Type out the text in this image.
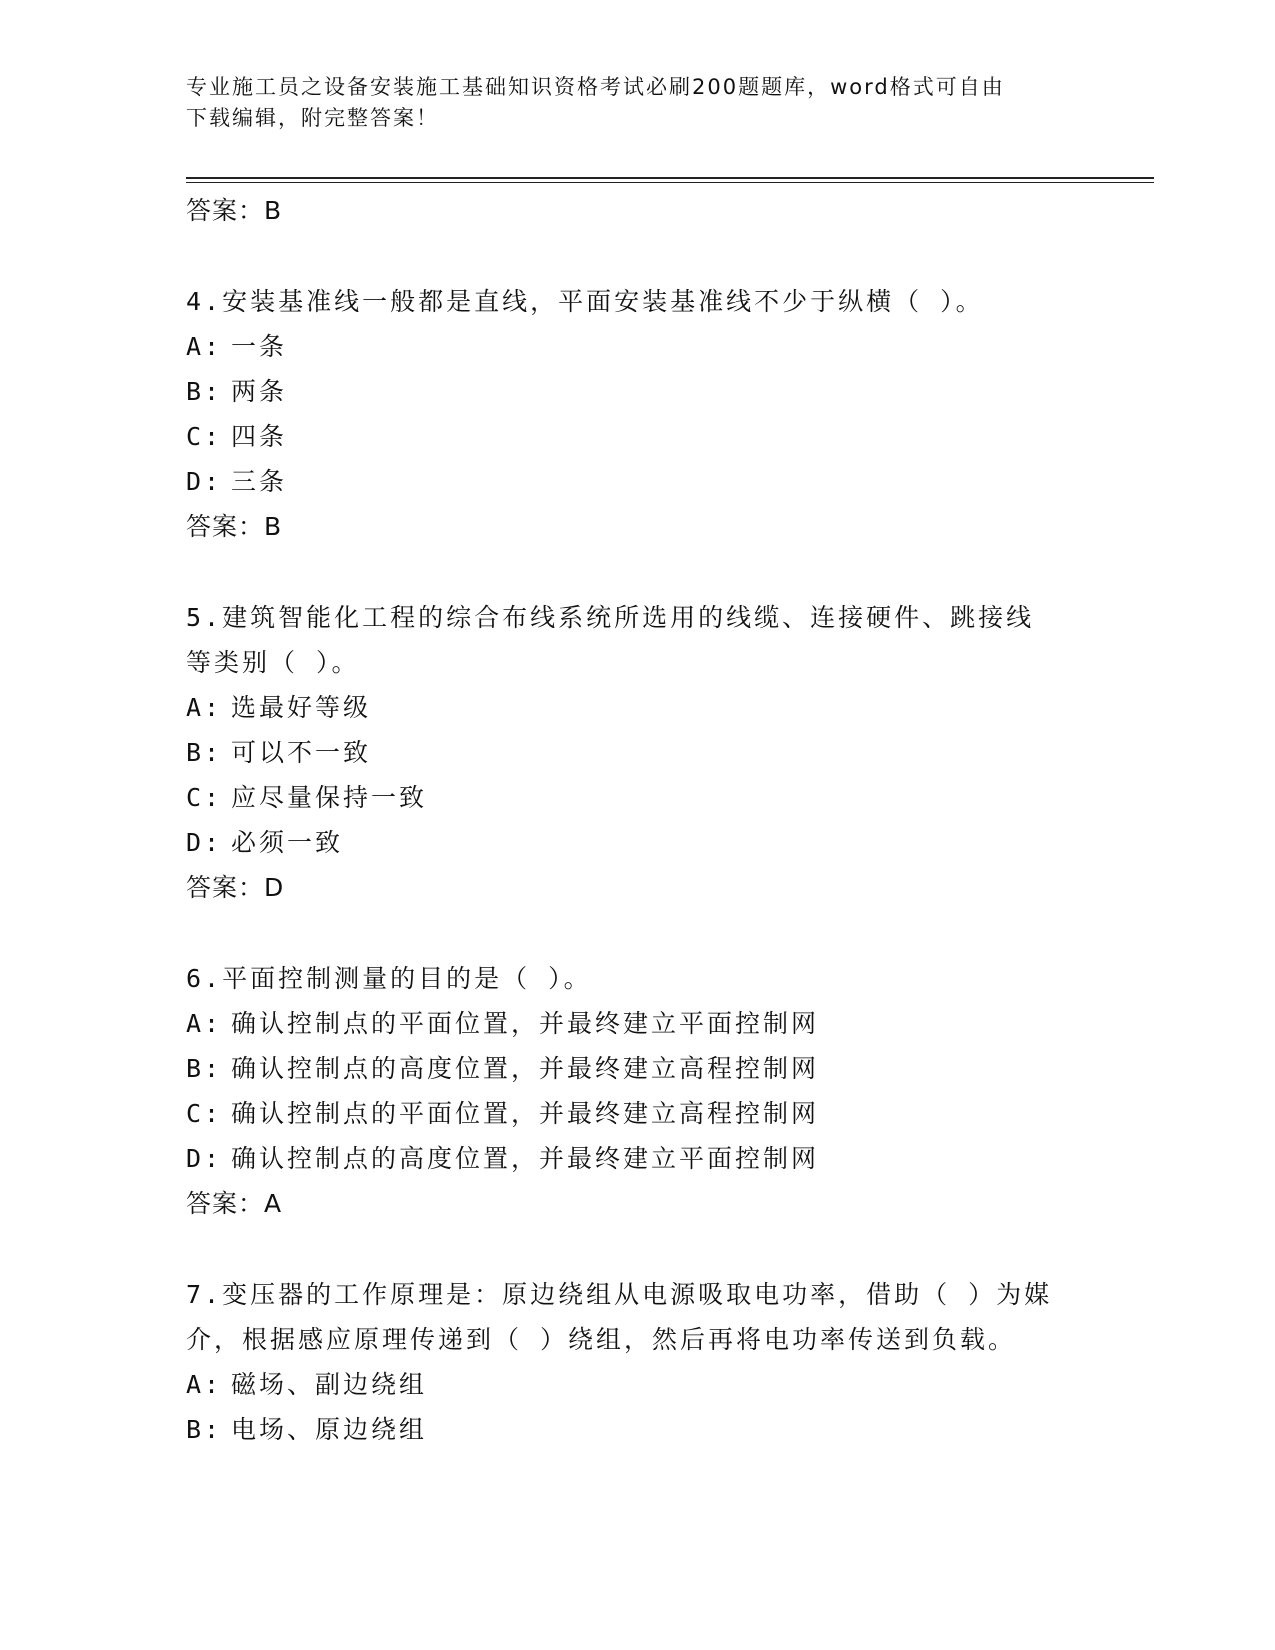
专业施工员之设备安装施工基础知识资格考试必刷200题题库，word格式可自由
下载编辑，附完整答案！

答案：B

4.安装基准线一般都是直线，平面安装基准线不少于纵横（ ）。

A: 一条

B: 两条

C: 四条

D: 三条

答案：B

5.建筑智能化工程的综合布线系统所选用的线缆、连接硬件、跳接线

等类别（ ）。

A: 选最好等级

B: 可以不一致

C: 应尽量保持一致

D: 必须一致

答案：D

6.平面控制测量的目的是（ ）。

A: 确认控制点的平面位置，并最终建立平面控制网

B: 确认控制点的高度位置，并最终建立高程控制网

C: 确认控制点的平面位置，并最终建立高程控制网

D: 确认控制点的高度位置，并最终建立平面控制网

答案：A

7.变压器的工作原理是：原边绕组从电源吸取电功率，借助（ ）为媒

介，根据感应原理传递到（ ）绕组，然后再将电功率传送到负载。

A: 磁场、副边绕组

B: 电场、原边绕组
